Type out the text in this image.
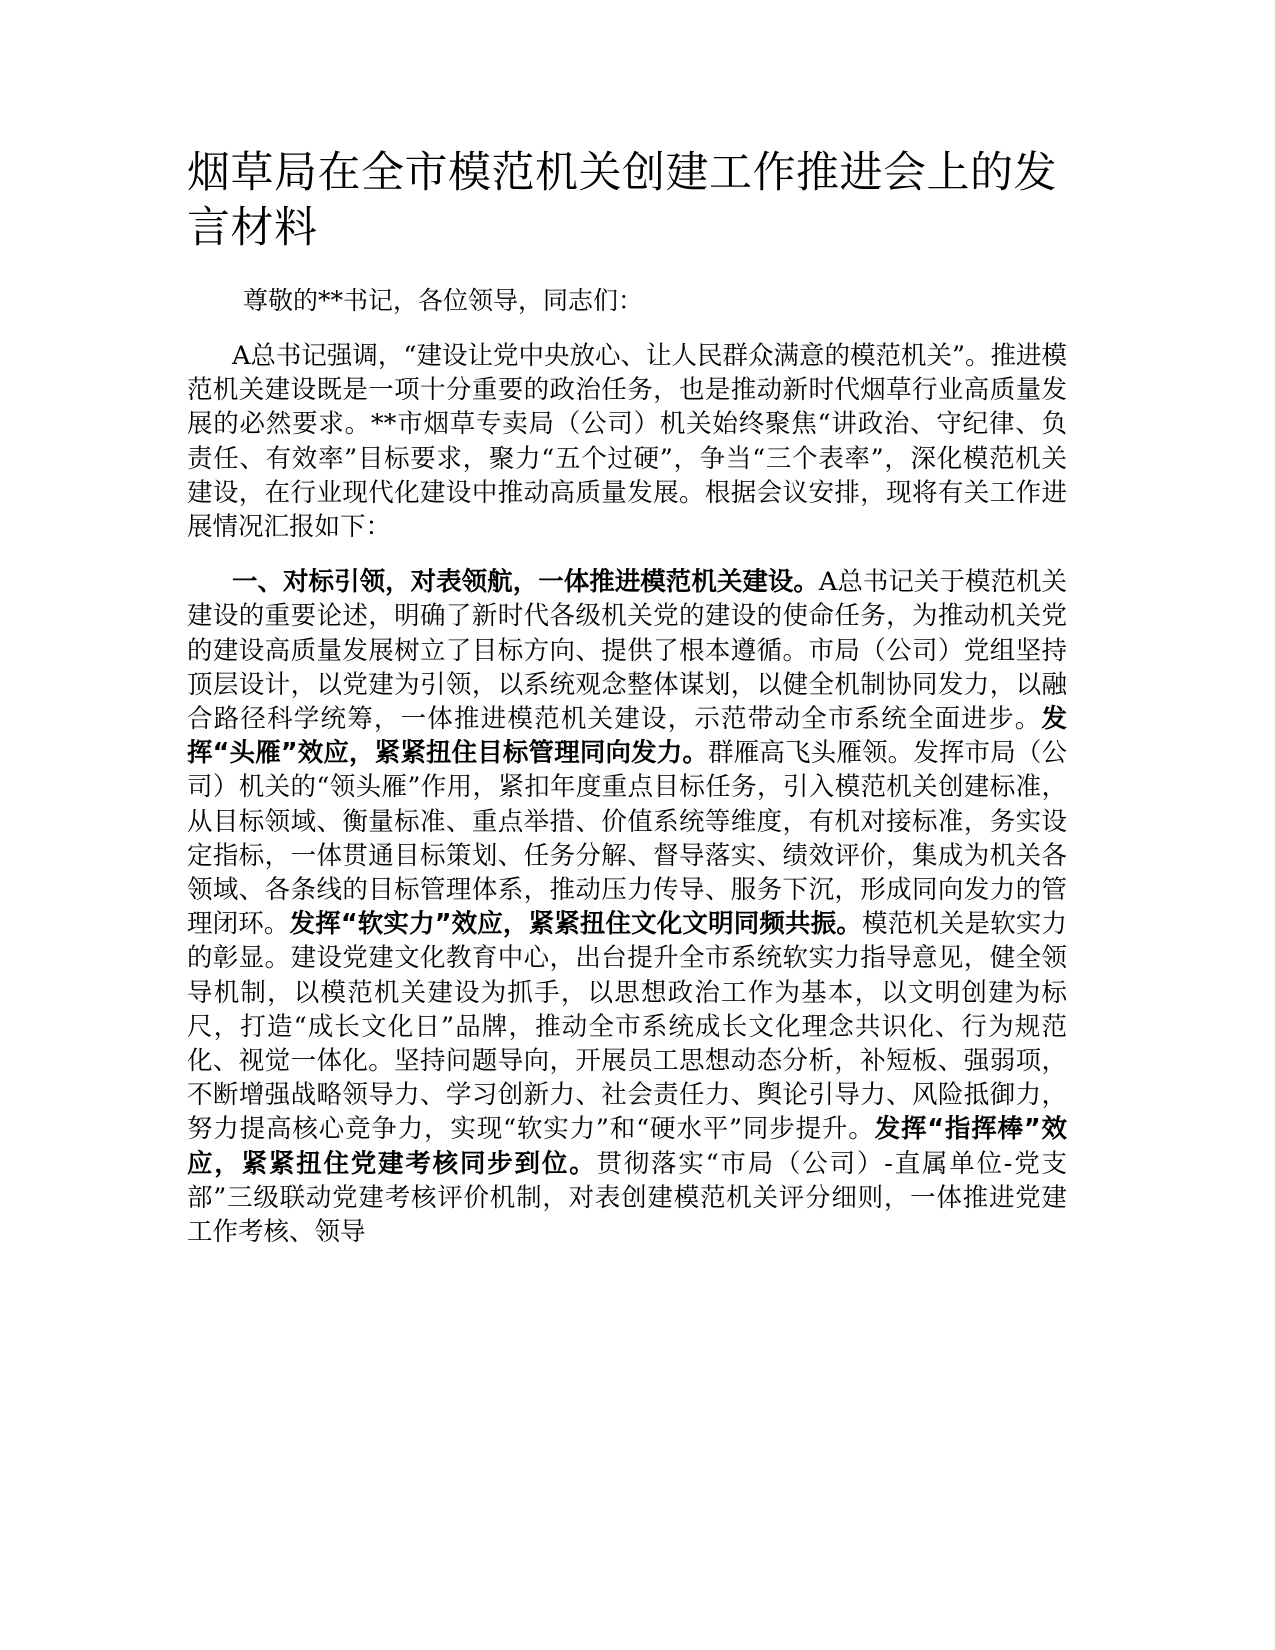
烟草局在全市模范机关创建工作推进会上的发言材料

尊敬的**书记，各位领导，同志们：

A总书记强调，“建设让党中央放心、让人民群众满意的模范机关”。推进模范机关建设既是一项十分重要的政治任务，也是推动新时代烟草行业高质量发展的必然要求。**市烟草专卖局（公司）机关始终聚焦“讲政治、守纪律、负责任、有效率”目标要求，聚力“五个过硬”，争当“三个表率”，深化模范机关建设，在行业现代化建设中推动高质量发展。根据会议安排，现将有关工作进展情况汇报如下：

一、对标引领，对表领航，一体推进模范机关建设。A总书记关于模范机关建设的重要论述，明确了新时代各级机关党的建设的使命任务，为推动机关党的建设高质量发展树立了目标方向、提供了根本遵循。市局（公司）党组坚持顶层设计，以党建为引领，以系统观念整体谋划，以健全机制协同发力，以融合路径科学统筹，一体推进模范机关建设，示范带动全市系统全面进步。发挥“头雁”效应，紧紧扭住目标管理同向发力。群雁高飞头雁领。发挥市局（公司）机关的“领头雁”作用，紧扣年度重点目标任务，引入模范机关创建标准，从目标领域、衡量标准、重点举措、价值系统等维度，有机对接标准，务实设定指标，一体贯通目标策划、任务分解、督导落实、绩效评价，集成为机关各领域、各条线的目标管理体系，推动压力传导、服务下沉，形成同向发力的管理闭环。发挥“软实力”效应，紧紧扭住文化文明同频共振。模范机关是软实力的彰显。建设党建文化教育中心，出台提升全市系统软实力指导意见，健全领导机制，以模范机关建设为抓手，以思想政治工作为基本，以文明创建为标尺，打造“成长文化日”品牌，推动全市系统成长文化理念共识化、行为规范化、视觉一体化。坚持问题导向，开展员工思想动态分析，补短板、强弱项，不断增强战略领导力、学习创新力、社会责任力、舆论引导力、风险抵御力，努力提高核心竞争力，实现“软实力”和“硬水平”同步提升。发挥“指挥棒”效应，紧紧扭住党建考核同步到位。贯彻落实“市局（公司）-直属单位-党支部”三级联动党建考核评价机制，对表创建模范机关评分细则，一体推进党建工作考核、领导
